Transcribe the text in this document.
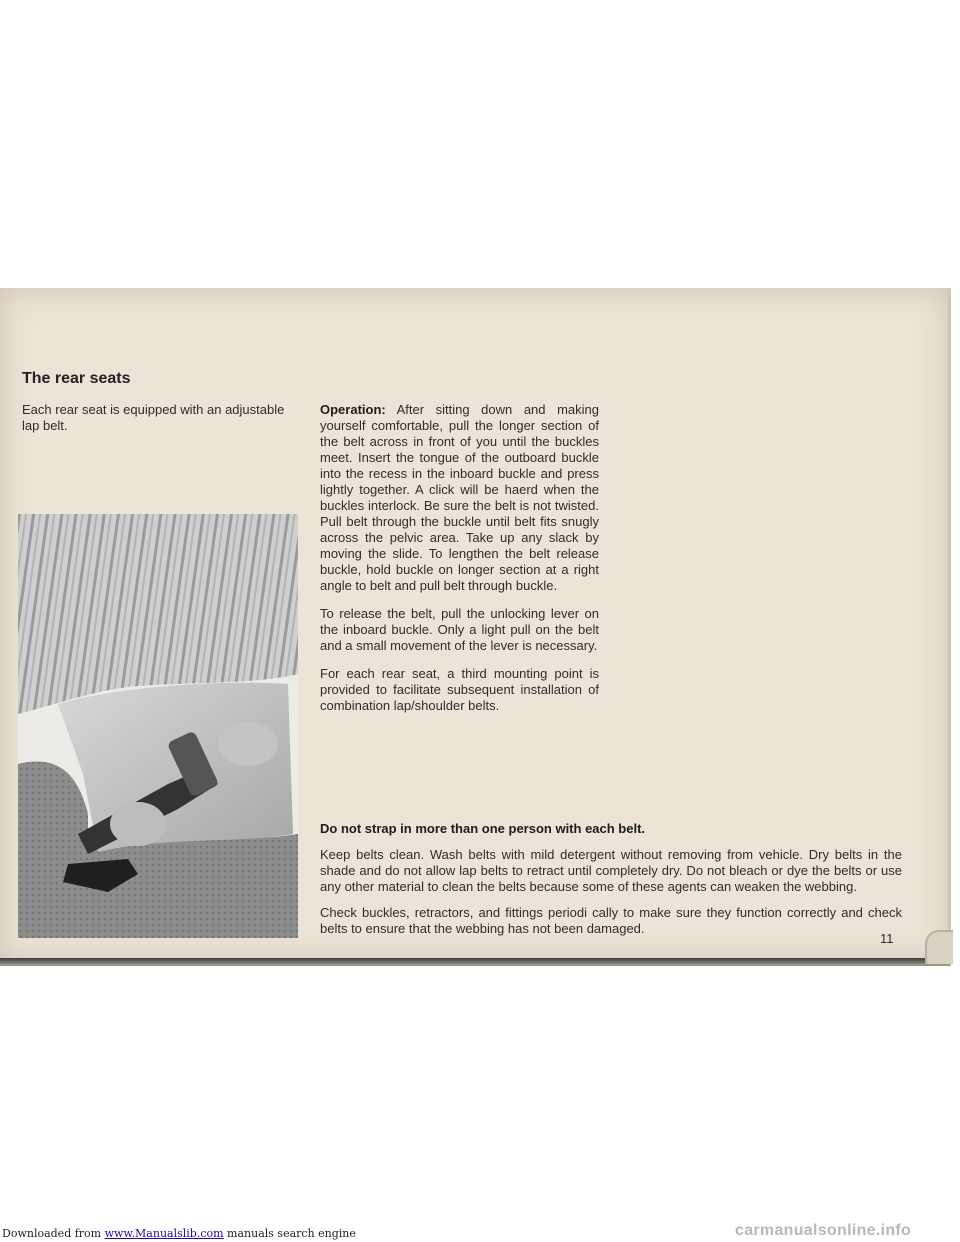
The rear seats
Each rear seat is equipped with an adjustable lap belt.

Operation: After sitting down and making yourself comfortable, pull the longer section of the belt across in front of you until the buckles meet. Insert the tongue of the outboard buckle into the recess in the inboard buckle and press lightly together. A click will be haerd when the buckles interlock. Be sure the belt is not twisted. Pull belt through the buckle until belt fits snugly across the pelvic area. Take up any slack by moving the slide. To lengthen the belt release buckle, hold buckle on longer section at a right angle to belt and pull belt through buckle.

To release the belt, pull the unlocking lever on the inboard buckle. Only a light pull on the belt and a small movement of the lever is necessary.

For each rear seat, a third mounting point is provided to facilitate subsequent installation of combination lap/shoulder belts.

Do not strap in more than one person with each belt.

Keep belts clean. Wash belts with mild detergent without removing from vehicle. Dry belts in the shade and do not allow lap belts to retract until completely dry. Do not bleach or dye the belts or use any other material to clean the belts because some of these agents can weaken the webbing.

Check buckles, retractors, and fittings periodi cally to make sure they function correctly and check belts to ensure that the webbing has not been damaged.

11
Downloaded from www.Manualslib.com manuals search engine	carmanualsonline.info
